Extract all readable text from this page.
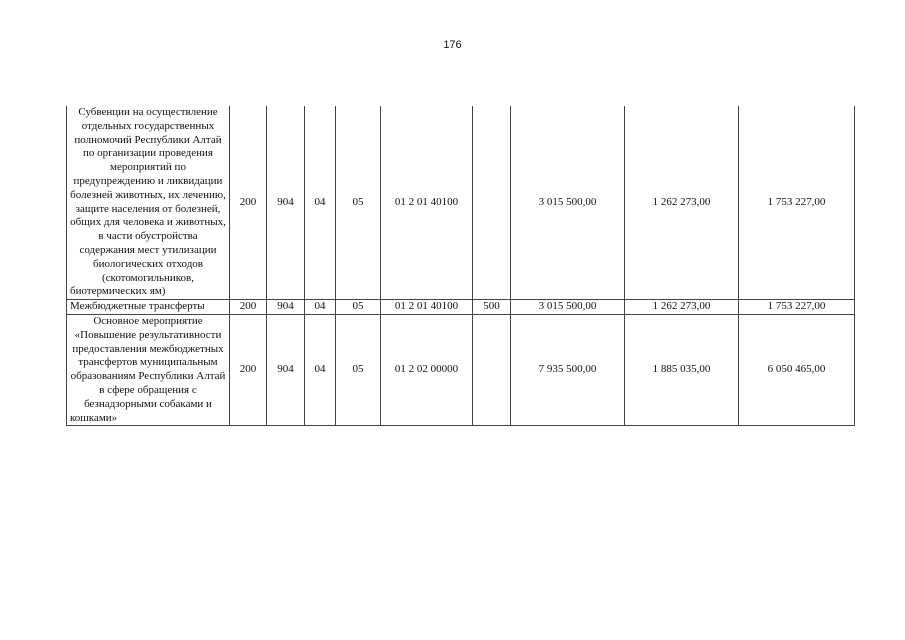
176
Субвенции на осуществление отдельных государственных полномочий Республики Алтай по организации проведения мероприятий по предупреждению и ликвидации болезней животных, их лечению, защите населения от болезней, общих для человека и животных, в части обустройства содержания мест утилизации биологических отходов (скотомогильников, биотермических ям)	200	904	04	05	01 2 01 40100		3 015 500,00	1 262 273,00	1 753 227,00
Межбюджетные трансферты	200	904	04	05	01 2 01 40100	500	3 015 500,00	1 262 273,00	1 753 227,00
Основное мероприятие «Повышение результативности предоставления межбюджетных трансфертов муниципальным образованиям Республики Алтай в сфере обращения с безнадзорными собаками и кошками»	200	904	04	05	01 2 02 00000		7 935 500,00	1 885 035,00	6 050 465,00
